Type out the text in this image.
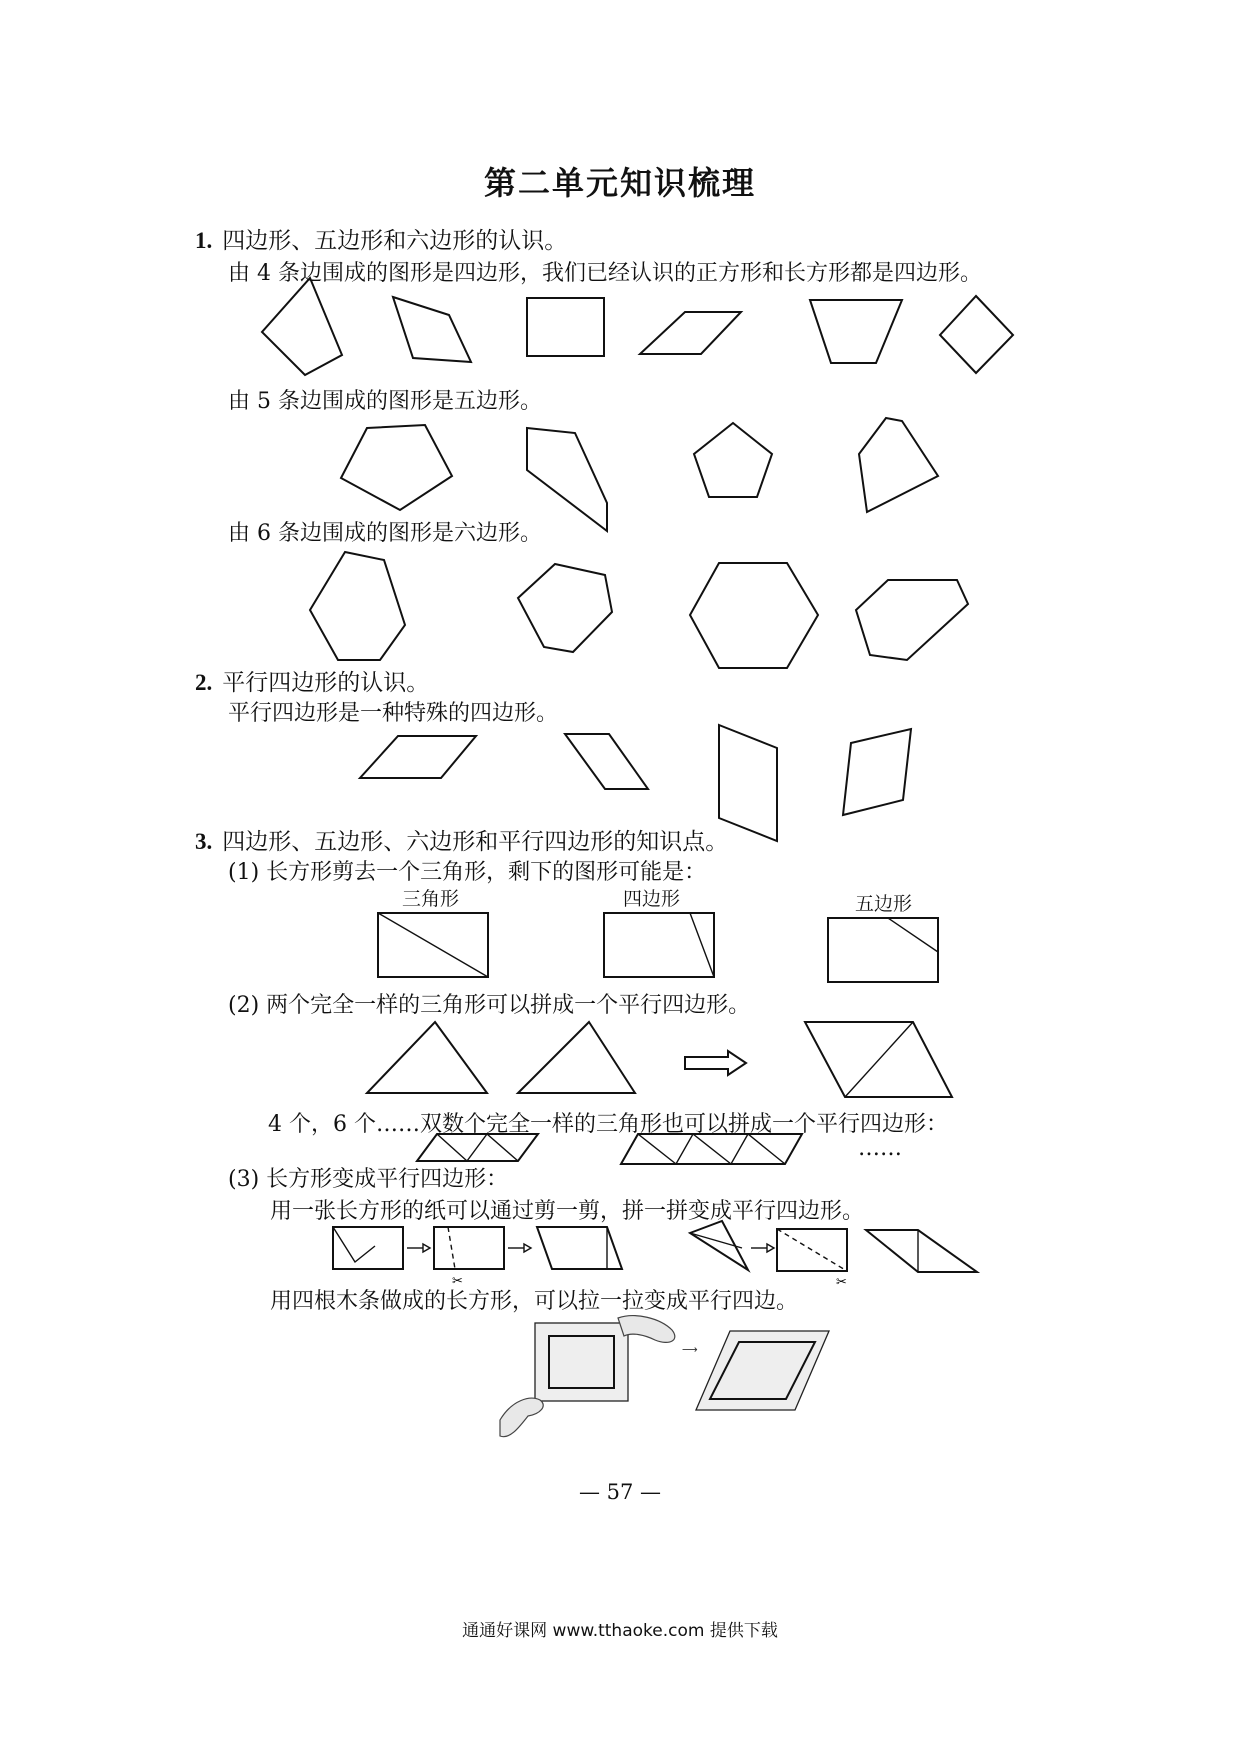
第二单元知识梳理
1. 四边形、五边形和六边形的认识。
由 4 条边围成的图形是四边形，我们已经认识的正方形和长方形都是四边形。
由 5 条边围成的图形是五边形。
由 6 条边围成的图形是六边形。
2. 平行四边形的认识。
平行四边形是一种特殊的四边形。
3. 四边形、五边形、六边形和平行四边形的知识点。
(1) 长方形剪去一个三角形，剩下的图形可能是：
三角形	四边形	五边形
(2) 两个完全一样的三角形可以拼成一个平行四边形。
4 个，6 个……双数个完全一样的三角形也可以拼成一个平行四边形：
……
(3) 长方形变成平行四边形：
用一张长方形的纸可以通过剪一剪，拼一拼变成平行四边形。
用四根木条做成的长方形，可以拉一拉变成平行四边。
— 57 —
通通好课网 www.tthaoke.com 提供下载
✂	✂
⟶
